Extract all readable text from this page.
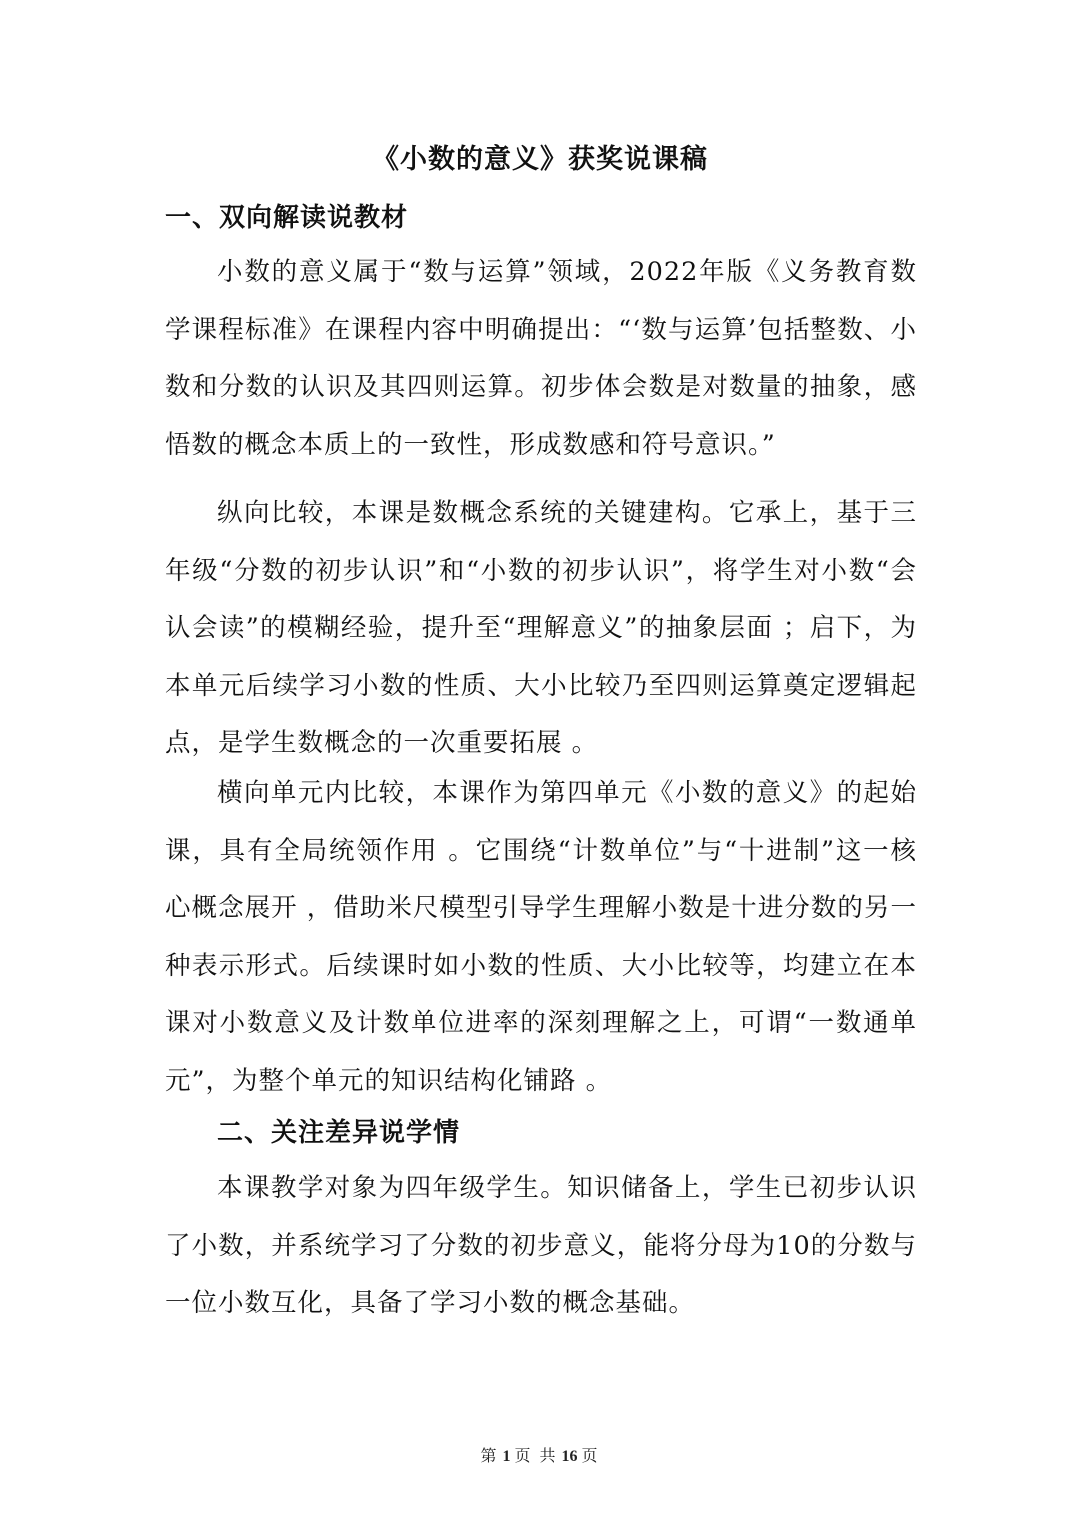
《小数的意义》获奖说课稿
一、双向解读说教材

小数的意义属于“数与运算”领域，2022年版《义务教育数学课程标准》在课程内容中明确提出：“‘数与运算’包括整数、小数和分数的认识及其四则运算。初步体会数是对数量的抽象，感悟数的概念本质上的一致性，形成数感和符号意识。”

纵向比较，本课是数概念系统的关键建构。它承上，基于三年级“分数的初步认识”和“小数的初步认识”，将学生对小数“会认会读”的模糊经验，提升至“理解意义”的抽象层面 ；启下，为本单元后续学习小数的性质、大小比较乃至四则运算奠定逻辑起点，是学生数概念的一次重要拓展 。

横向单元内比较，本课作为第四单元《小数的意义》的起始课，具有全局统领作用 。它围绕“计数单位”与“十进制”这一核心概念展开 ，借助米尺模型引导学生理解小数是十进分数的另一种表示形式。后续课时如小数的性质、大小比较等，均建立在本课对小数意义及计数单位进率的深刻理解之上，可谓“一数通单元”，为整个单元的知识结构化铺路 。

二、关注差异说学情

本课教学对象为四年级学生。知识储备上，学生已初步认识了小数，并系统学习了分数的初步意义，能将分母为10的分数与一位小数互化，具备了学习小数的概念基础。

第 1 页 共 16 页
